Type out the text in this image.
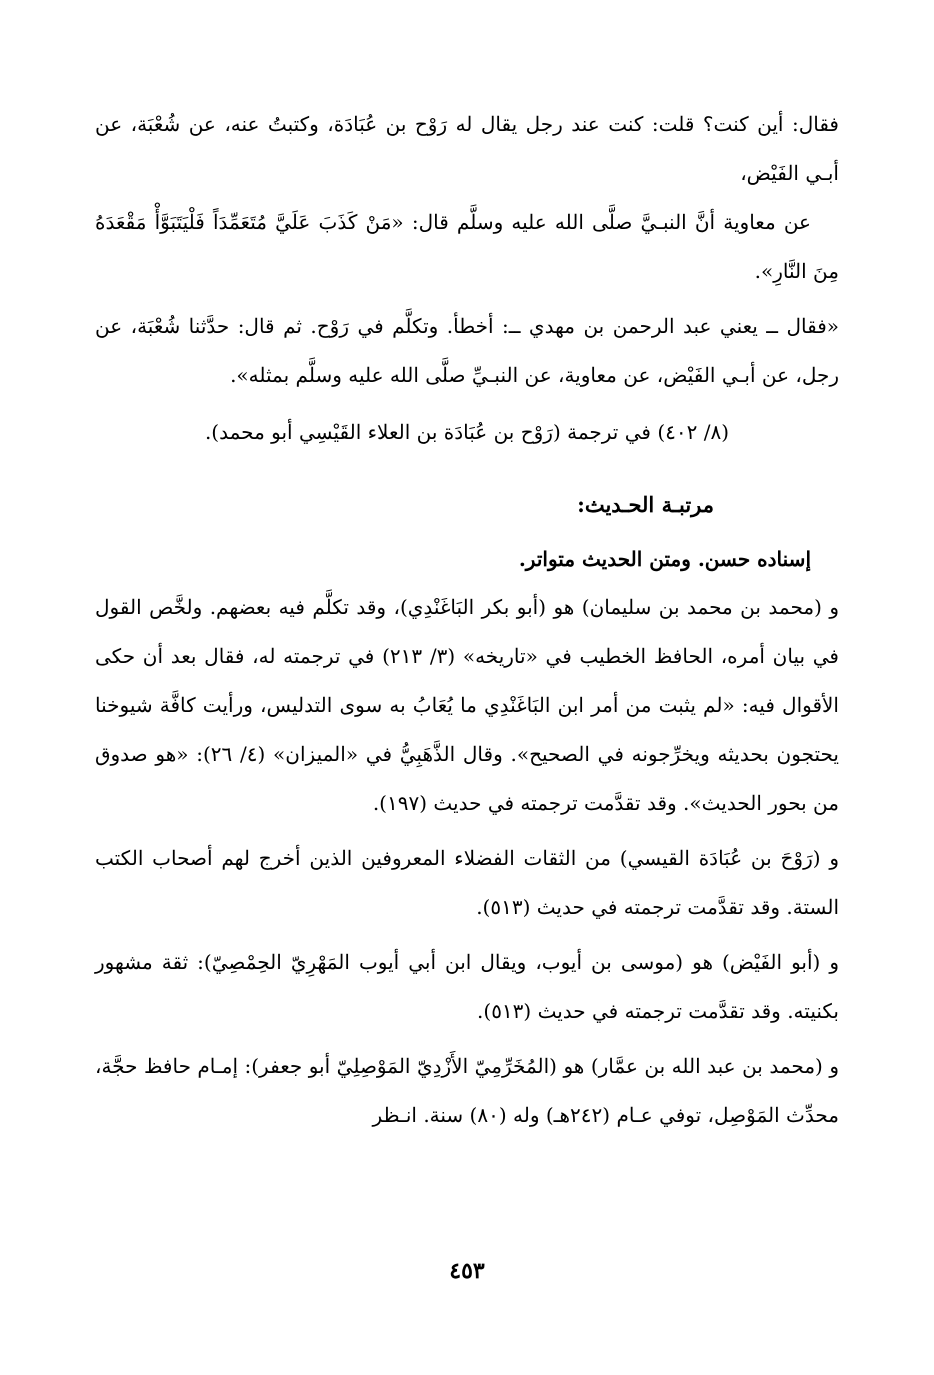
فقال: أين كنت؟ قلت: كنت عند رجل يقال له رَوْح بن عُبَادَة، وكتبتُ عنه، عن شُعْبَة، عن أبـي الفَيْض،

عن معاوية أنَّ النبـيَّ صلَّى الله عليه وسلَّم قال: «مَنْ كَذَبَ عَلَيَّ مُتَعَمِّدَاً فَلْيَتَبَوَّأْ مَقْعَدَهُ مِنَ النَّارِ».

«فقال ــ يعني عبد الرحمن بن مهدي ــ: أخطأ. وتكلَّم في رَوْح. ثم قال: حدَّثنا شُعْبَة، عن رجل، عن أبـي الفَيْض، عن معاوية، عن النبـيِّ صلَّى الله عليه وسلَّم بمثله».

(٨/ ٤٠٢) في ترجمة (رَوْح بن عُبَادَة بن العلاء القَيْسِي أبو محمد).

مرتبـة الحـديث:
إسناده حسن. ومتن الحديث متواتر.

و (محمد بن محمد بن سليمان) هو (أبو بكر البَاغَنْدِي)، وقد تكلَّم فيه بعضهم. ولخَّص القول في بيان أمره، الحافظ الخطيب في «تاريخه» (٣/ ٢١٣) في ترجمته له، فقال بعد أن حكى الأقوال فيه: «لم يثبت من أمر ابن البَاغَنْدِي ما يُعَابُ به سوى التدليس، ورأيت كافَّة شيوخنا يحتجون بحديثه ويخرِّجونه في الصحيح». وقال الذَّهَبِيُّ في «الميزان» (٤/ ٢٦): «هو صدوق من بحور الحديث». وقد تقدَّمت ترجمته في حديث (١٩٧).

و (رَوْحَ بن عُبَادَة القيسي) من الثقات الفضلاء المعروفين الذين أخرج لهم أصحاب الكتب الستة. وقد تقدَّمت ترجمته في حديث (٥١٣).

و (أبو الفَيْض) هو (موسى بن أيوب، ويقال ابن أبي أيوب المَهْرِيّ الحِمْصِيّ): ثقة مشهور بكنيته. وقد تقدَّمت ترجمته في حديث (٥١٣).

و (محمد بن عبد الله بن عمَّار) هو (المُخَرِّمِيّ الأَزْدِيّ المَوْصِلِيّ أبو جعفر): إمـام حافظ حجَّة، محدِّث المَوْصِل، توفي عـام (٢٤٢هـ) وله (٨٠) سنة. انـظر

٤٥٣
